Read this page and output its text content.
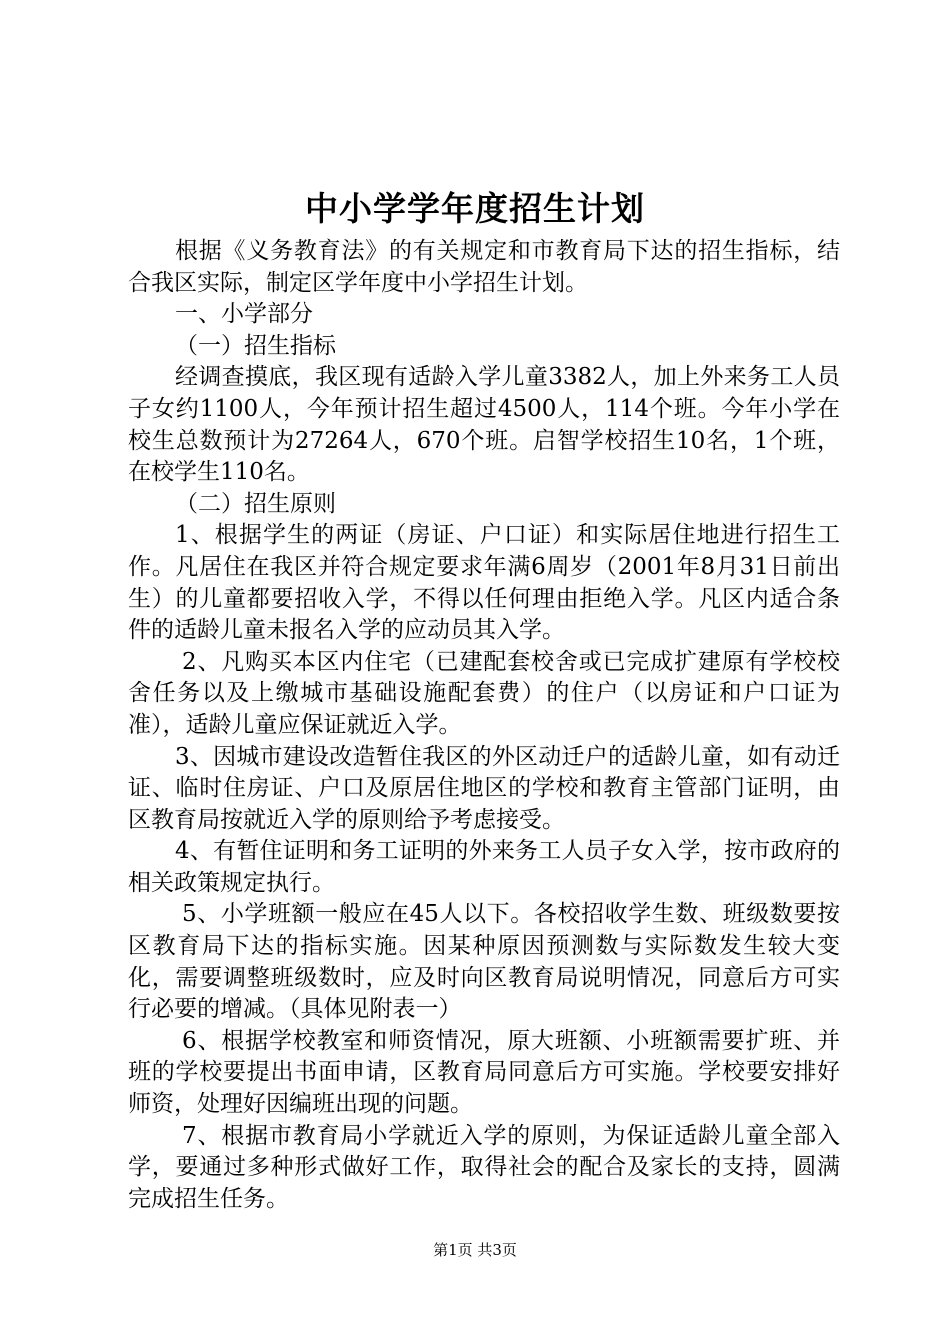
中小学学年度招生计划

根据《义务教育法》的有关规定和市教育局下达的招生指标，结合我区实际，制定区学年度中小学招生计划。

一、小学部分

（一）招生指标

经调查摸底，我区现有适龄入学儿童3382人，加上外来务工人员子女约1100人，今年预计招生超过4500人，114个班。今年小学在校生总数预计为27264人，670个班。启智学校招生10名，1个班，在校学生110名。

（二）招生原则

1、根据学生的两证（房证、户口证）和实际居住地进行招生工作。凡居住在我区并符合规定要求年满6周岁（2001年8月31日前出生）的儿童都要招收入学，不得以任何理由拒绝入学。凡区内适合条件的适龄儿童未报名入学的应动员其入学。

2、凡购买本区内住宅（已建配套校舍或已完成扩建原有学校校舍任务以及上缴城市基础设施配套费）的住户（以房证和户口证为准），适龄儿童应保证就近入学。

3、因城市建设改造暂住我区的外区动迁户的适龄儿童，如有动迁证、临时住房证、户口及原居住地区的学校和教育主管部门证明，由区教育局按就近入学的原则给予考虑接受。

4、有暂住证明和务工证明的外来务工人员子女入学，按市政府的相关政策规定执行。

5、小学班额一般应在45人以下。各校招收学生数、班级数要按区教育局下达的指标实施。因某种原因预测数与实际数发生较大变化，需要调整班级数时，应及时向区教育局说明情况，同意后方可实行必要的增减。（具体见附表一）

6、根据学校教室和师资情况，原大班额、小班额需要扩班、并班的学校要提出书面申请，区教育局同意后方可实施。学校要安排好师资，处理好因编班出现的问题。

7、根据市教育局小学就近入学的原则，为保证适龄儿童全部入学，要通过多种形式做好工作，取得社会的配合及家长的支持，圆满完成招生任务。

第1页 共3页
